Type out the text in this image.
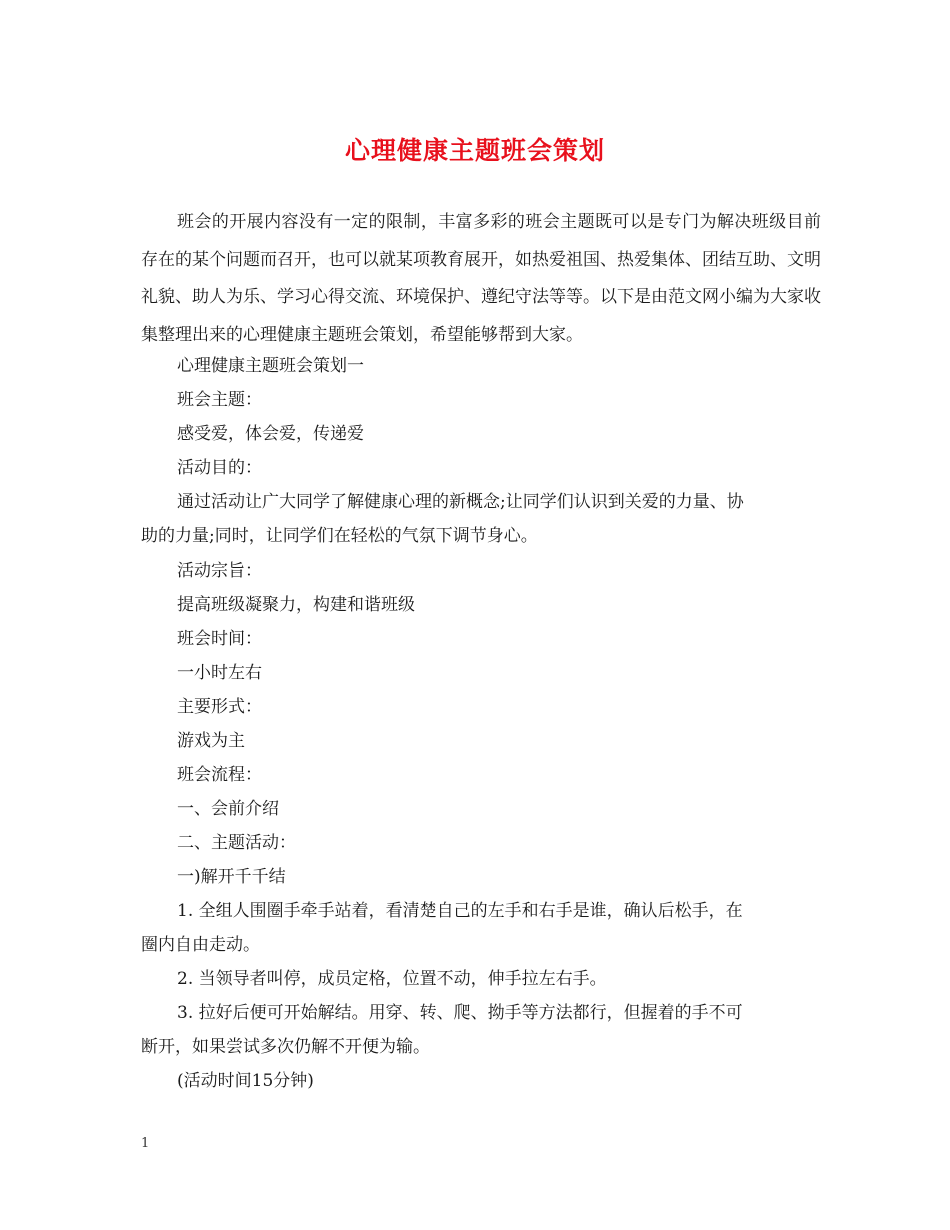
心理健康主题班会策划

班会的开展内容没有一定的限制，丰富多彩的班会主题既可以是专门为解决班级目前存在的某个问题而召开，也可以就某项教育展开，如热爱祖国、热爱集体、团结互助、文明礼貌、助人为乐、学习心得交流、环境保护、遵纪守法等等。以下是由范文网小编为大家收集整理出来的心理健康主题班会策划，希望能够帮到大家。

心理健康主题班会策划一
班会主题：
感受爱，体会爱，传递爱
活动目的：
通过活动让广大同学了解健康心理的新概念;让同学们认识到关爱的力量、协
助的力量;同时，让同学们在轻松的气氛下调节身心。
活动宗旨：
提高班级凝聚力，构建和谐班级
班会时间：
一小时左右
主要形式：
游戏为主
班会流程：
一、会前介绍
二、主题活动：
一)解开千千结
1. 全组人围圈手牵手站着，看清楚自己的左手和右手是谁，确认后松手，在
圈内自由走动。
2. 当领导者叫停，成员定格，位置不动，伸手拉左右手。
3. 拉好后便可开始解结。用穿、转、爬、拗手等方法都行，但握着的手不可
断开，如果尝试多次仍解不开便为输。
(活动时间15分钟)
1
